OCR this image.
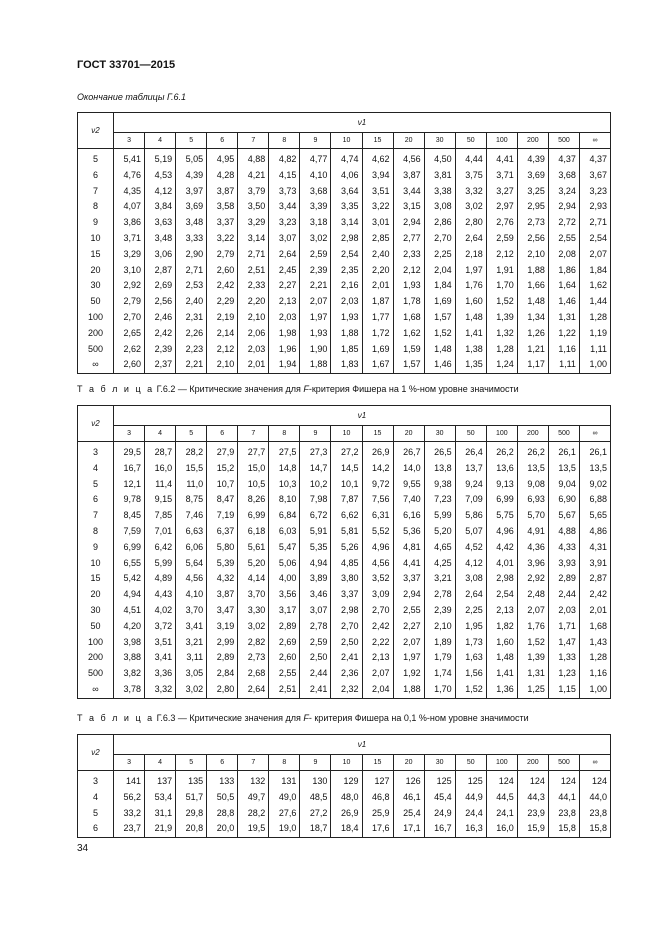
ГОСТ 33701—2015
Окончание таблицы Г.6.1
ν2	ν1															
	3	4	5	6	7	8	9	10	15	20	30	50	100	200	500	∞
5	5,41	5,19	5,05	4,95	4,88	4,82	4,77	4,74	4,62	4,56	4,50	4,44	4,41	4,39	4,37	4,37
6	4,76	4,53	4,39	4,28	4,21	4,15	4,10	4,06	3,94	3,87	3,81	3,75	3,71	3,69	3,68	3,67
7	4,35	4,12	3,97	3,87	3,79	3,73	3,68	3,64	3,51	3,44	3,38	3,32	3,27	3,25	3,24	3,23
8	4,07	3,84	3,69	3,58	3,50	3,44	3,39	3,35	3,22	3,15	3,08	3,02	2,97	2,95	2,94	2,93
9	3,86	3,63	3,48	3,37	3,29	3,23	3,18	3,14	3,01	2,94	2,86	2,80	2,76	2,73	2,72	2,71
10	3,71	3,48	3,33	3,22	3,14	3,07	3,02	2,98	2,85	2,77	2,70	2,64	2,59	2,56	2,55	2,54
15	3,29	3,06	2,90	2,79	2,71	2,64	2,59	2,54	2,40	2,33	2,25	2,18	2,12	2,10	2,08	2,07
20	3,10	2,87	2,71	2,60	2,51	2,45	2,39	2,35	2,20	2,12	2,04	1,97	1,91	1,88	1,86	1,84
30	2,92	2,69	2,53	2,42	2,33	2,27	2,21	2,16	2,01	1,93	1,84	1,76	1,70	1,66	1,64	1,62
50	2,79	2,56	2,40	2,29	2,20	2,13	2,07	2,03	1,87	1,78	1,69	1,60	1,52	1,48	1,46	1,44
100	2,70	2,46	2,31	2,19	2,10	2,03	1,97	1,93	1,77	1,68	1,57	1,48	1,39	1,34	1,31	1,28
200	2,65	2,42	2,26	2,14	2,06	1,98	1,93	1,88	1,72	1,62	1,52	1,41	1,32	1,26	1,22	1,19
500	2,62	2,39	2,23	2,12	2,03	1,96	1,90	1,85	1,69	1,59	1,48	1,38	1,28	1,21	1,16	1,11
∞	2,60	2,37	2,21	2,10	2,01	1,94	1,88	1,83	1,67	1,57	1,46	1,35	1,24	1,17	1,11	1,00
Т а б л и ц а Г.6.2 — Критические значения для F-критерия Фишера на 1 %-ном уровне значимости
ν2	ν1															
	3	4	5	6	7	8	9	10	15	20	30	50	100	200	500	∞
3	29,5	28,7	28,2	27,9	27,7	27,5	27,3	27,2	26,9	26,7	26,5	26,4	26,2	26,2	26,1	26,1
4	16,7	16,0	15,5	15,2	15,0	14,8	14,7	14,5	14,2	14,0	13,8	13,7	13,6	13,5	13,5	13,5
5	12,1	11,4	11,0	10,7	10,5	10,3	10,2	10,1	9,72	9,55	9,38	9,24	9,13	9,08	9,04	9,02
6	9,78	9,15	8,75	8,47	8,26	8,10	7,98	7,87	7,56	7,40	7,23	7,09	6,99	6,93	6,90	6,88
7	8,45	7,85	7,46	7,19	6,99	6,84	6,72	6,62	6,31	6,16	5,99	5,86	5,75	5,70	5,67	5,65
8	7,59	7,01	6,63	6,37	6,18	6,03	5,91	5,81	5,52	5,36	5,20	5,07	4,96	4,91	4,88	4,86
9	6,99	6,42	6,06	5,80	5,61	5,47	5,35	5,26	4,96	4,81	4,65	4,52	4,42	4,36	4,33	4,31
10	6,55	5,99	5,64	5,39	5,20	5,06	4,94	4,85	4,56	4,41	4,25	4,12	4,01	3,96	3,93	3,91
15	5,42	4,89	4,56	4,32	4,14	4,00	3,89	3,80	3,52	3,37	3,21	3,08	2,98	2,92	2,89	2,87
20	4,94	4,43	4,10	3,87	3,70	3,56	3,46	3,37	3,09	2,94	2,78	2,64	2,54	2,48	2,44	2,42
30	4,51	4,02	3,70	3,47	3,30	3,17	3,07	2,98	2,70	2,55	2,39	2,25	2,13	2,07	2,03	2,01
50	4,20	3,72	3,41	3,19	3,02	2,89	2,78	2,70	2,42	2,27	2,10	1,95	1,82	1,76	1,71	1,68
100	3,98	3,51	3,21	2,99	2,82	2,69	2,59	2,50	2,22	2,07	1,89	1,73	1,60	1,52	1,47	1,43
200	3,88	3,41	3,11	2,89	2,73	2,60	2,50	2,41	2,13	1,97	1,79	1,63	1,48	1,39	1,33	1,28
500	3,82	3,36	3,05	2,84	2,68	2,55	2,44	2,36	2,07	1,92	1,74	1,56	1,41	1,31	1,23	1,16
∞	3,78	3,32	3,02	2,80	2,64	2,51	2,41	2,32	2,04	1,88	1,70	1,52	1,36	1,25	1,15	1,00
Т а б л и ц а Г.6.3 — Критические значения для F- критерия Фишера на 0,1 %-ном уровне значимости
ν2	ν1															
	3	4	5	6	7	8	9	10	15	20	30	50	100	200	500	∞
3	141	137	135	133	132	131	130	129	127	126	125	125	124	124	124	124
4	56,2	53,4	51,7	50,5	49,7	49,0	48,5	48,0	46,8	46,1	45,4	44,9	44,5	44,3	44,1	44,0
5	33,2	31,1	29,8	28,8	28,2	27,6	27,2	26,9	25,9	25,4	24,9	24,4	24,1	23,9	23,8	23,8
6	23,7	21,9	20,8	20,0	19,5	19,0	18,7	18,4	17,6	17,1	16,7	16,3	16,0	15,9	15,8	15,8
34
